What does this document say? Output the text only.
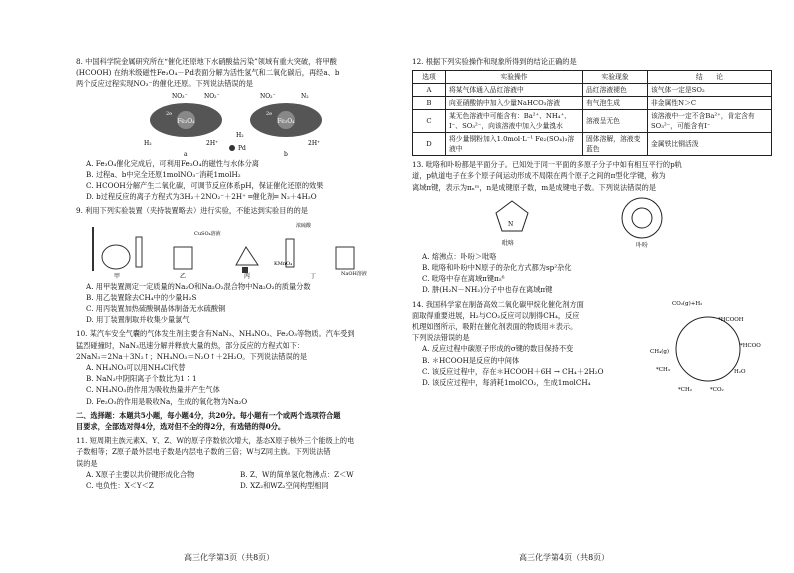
8. 中国科学院金属研究所在“催化还原地下水硝酸盐污染”领域有重大突破，将甲酸

(HCOOH) 在纳米级磁性Fe₃O₄－Pd表面分解为活性氢气和二氧化碳后，再经a、b

两个反应过程实现NO₃⁻的催化还原。下列说法错误的是

Fe₃O₄	Fe₃O₄
2e	2e
NO₃⁻	NO₂⁻	NO₂⁻	N₂
H₂	2H⁺
H₂
2H⁺
Pd
a	b

A. Fe₃O₄催化完成后，可利用Fe₃O₄的磁性与水体分离

B. 过程a、b中完全还原1molNO₃⁻消耗1molH₂

C. HCOOH分解产生二氧化碳，可调节反应体系pH，保证催化还原的效果

D. b过程反应的离子方程式为3H₂＋2NO₂⁻＋2H⁺ ═催化剂═ N₂＋4H₂O

9. 利用下列实验装置（夹持装置略去）进行实验，不能达到实验目的的是

甲
CuSO₄溶液
乙	丙
KMnO₄
浓硫酸
丁	NaOH溶液

A. 用甲装置测定一定质量的Na₂O和Na₂O₂混合物中Na₂O₂的质量分数

B. 用乙装置除去CH₄中的少量H₂S

C. 用丙装置加热硫酸铜晶体制备无水硫酸铜

D. 用丁装置制取并收集少量氯气

10. 某汽车安全气囊的气体发生剂主要含有NaN₃、NH₄NO₃、Fe₂O₃等物质。汽车受到

猛烈碰撞时，NaN₃迅速分解并释放大量的热，部分反应的方程式如下：

2NaN₃＝2Na＋3N₂↑；NH₄NO₃＝N₂O↑＋2H₂O。下列说法错误的是

A. NH₄NO₃可以用NH₄Cl代替

B. NaN₃中阴阳离子个数比为1∶1

C. NH₄NO₃的作用为吸收热量并产生气体

D. Fe₂O₃的作用是吸收Na，生成的氧化物为Na₂O

二、选择题：本题共5小题，每小题4分，共20分。每小题有一个或两个选项符合题

目要求，全部选对得4分，选对但不全的得2分，有选错的得0分。

11. 短周期主族元素X、Y、Z、W的原子序数依次增大，基态X原子核外三个能级上的电

子数相等；Z原子最外层电子数是内层电子数的三倍；W与Z同主族。下列说法错

误的是

A. X原子主要以共价键形成化合物	B. Z、W的简单氢化物沸点：Z＜W
C. 电负性：X＜Y＜Z	D. XZ₂和WZ₂空间构型相同
高三化学第3页（共8页）

12. 根据下列实验操作和现象所得到的结论正确的是

选项	实验操作	实验现象	结　　论
A	将某气体通入品红溶液中	品红溶液褪色	该气体一定是SO₂
B	向亚硝酸钠中加入少量NaHCO₃溶液	有气泡生成	非金属性N＞C
C	某无色溶液中可能含有：Ba²⁺、NH₄⁺、I⁻、SO₃²⁻，向该溶液中加入少量溴水	溶液呈无色	该溶液中一定不含Ba²⁺，肯定含有SO₃²⁻，可能含有I⁻
D	将少量铜粉加入1.0mol·L⁻¹ Fe₂(SO₄)₃溶液中	固体溶解，溶液变蓝色	金属铁比铜活泼

13. 吡咯和卟吩都是平面分子。已知处于同一平面的多原子分子中如有相互平行的p轨

道，p轨道电子在多个原子间运动形成不局限在两个原子之间的π型化学键，称为

离域π键，表示为πₙᵐ，n是成键原子数，m是成键电子数。下列说法错误的是

N
吡咯	卟吩

A. 熔沸点：卟吩＞吡咯

B. 吡咯和卟吩中N原子的杂化方式都为sp²杂化

C. 吡咯中存在离域π键π₅⁶

D. 肼(H₂N－NH₂)分子中也存在离域π键

14. 我国科学家在制备高效二氧化碳甲烷化催化剂方面

面取得重要进展，H₂与CO₂反应可以制得CH₄，反应

机理如图所示，吸附在催化剂表面的物质用＊表示。

下列说法错误的是

A. 反应过程中碳原子形成的σ键的数目保持不变

B. ＊HCOOH是反应的中间体

C. 该反应过程中，存在＊HCOOH＋6H → CH₄＋2H₂O

D. 该反应过程中，每消耗1molCO₂，生成1molCH₄

CO₂(g)+H₂
*HCOOH
*HCOO
CH₄(g)
*CH₃	H₂O
*CH₂	*CO₂
高三化学第4页（共8页）
